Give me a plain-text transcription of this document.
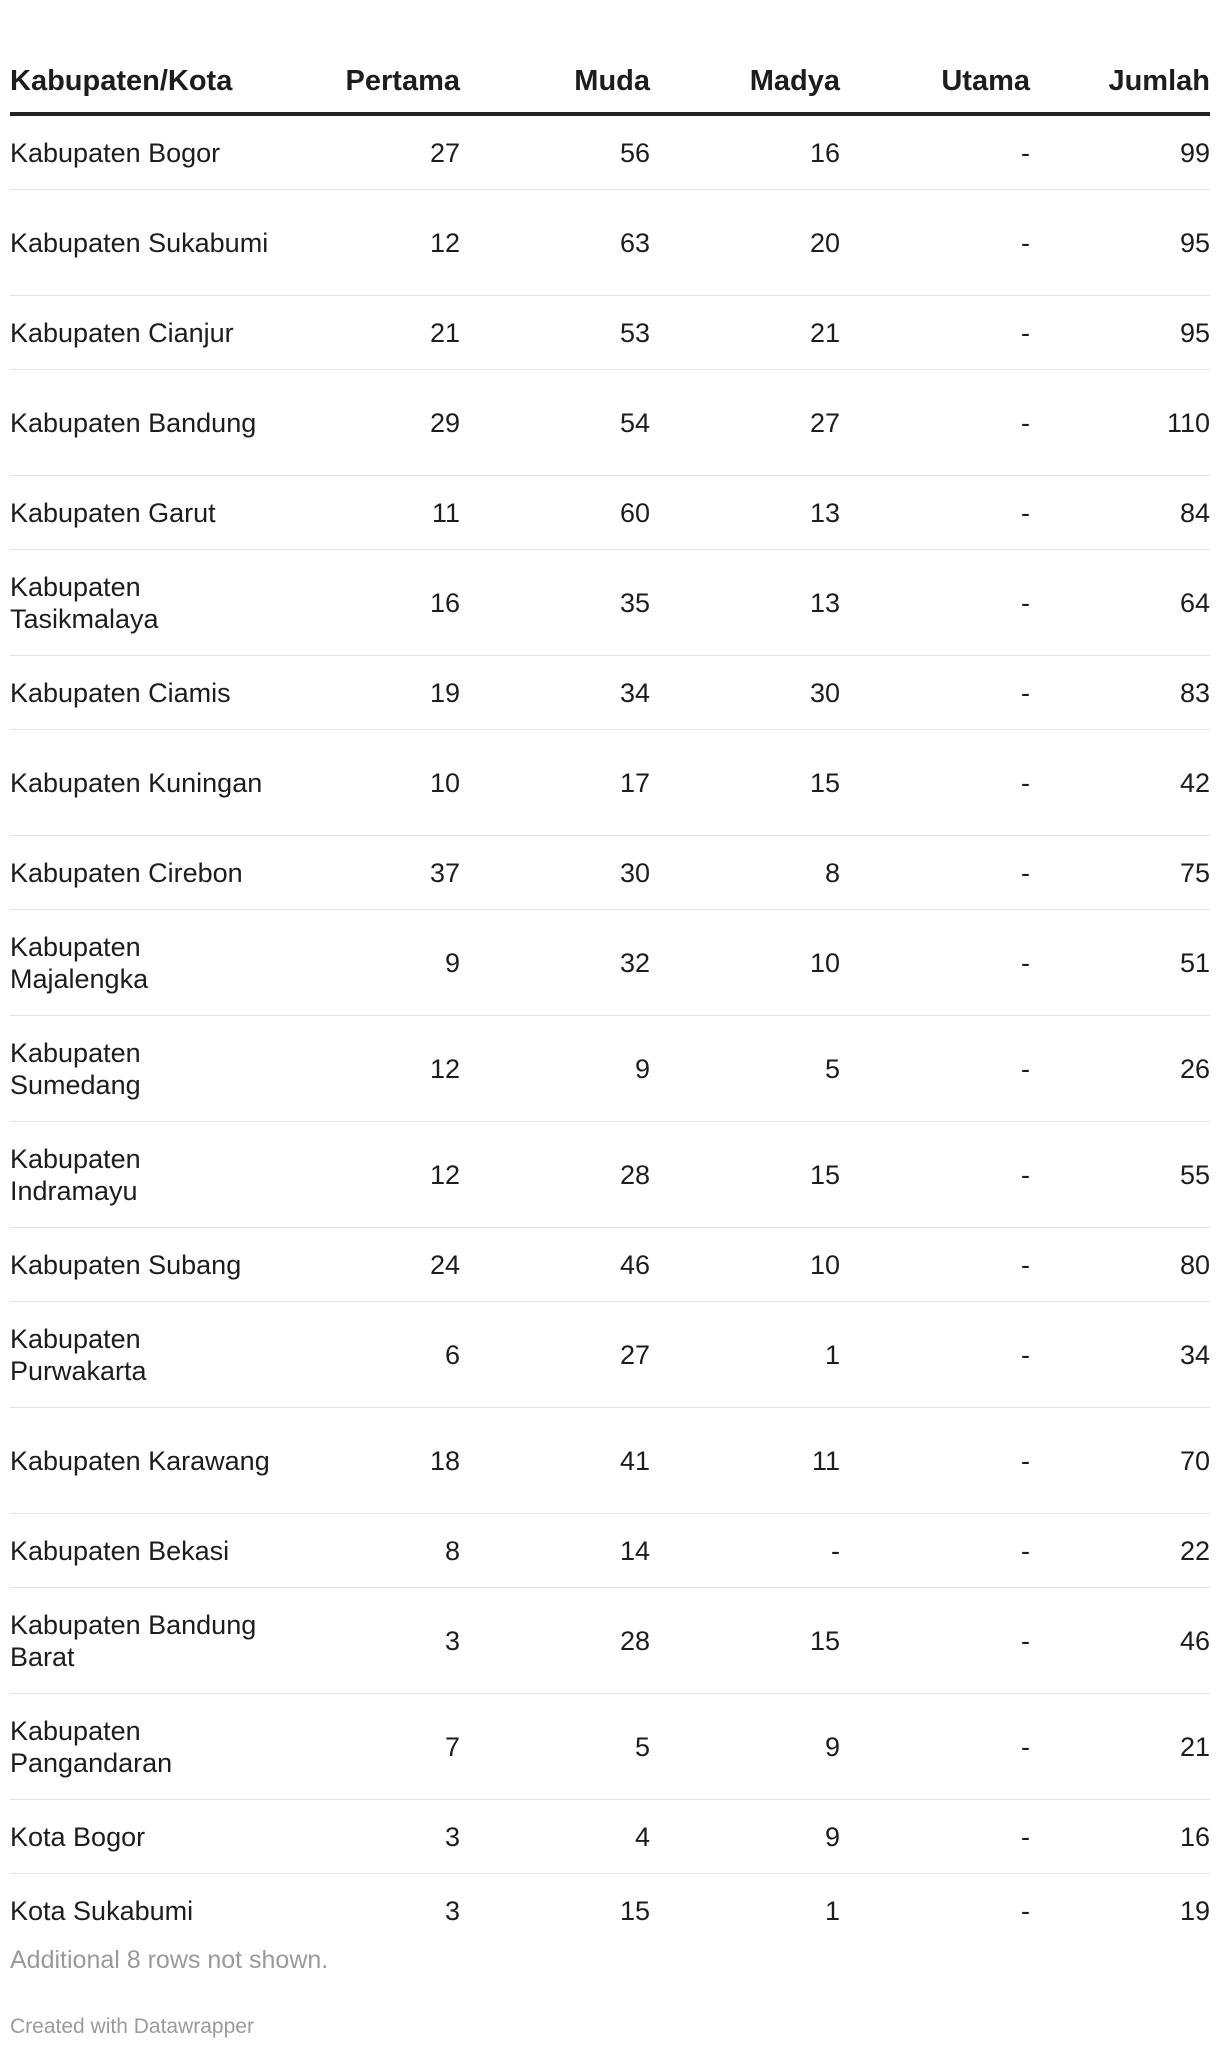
Kabupaten/Kota	Pertama	Muda	Madya	Utama	Jumlah
Kabupaten Bogor	27	56	16	-	99
Kabupaten Sukabumi	12	63	20	-	95
Kabupaten Cianjur	21	53	21	-	95
Kabupaten Bandung	29	54	27	-	110
Kabupaten Garut	11	60	13	-	84
Kabupaten Tasikmalaya	16	35	13	-	64
Kabupaten Ciamis	19	34	30	-	83
Kabupaten Kuningan	10	17	15	-	42
Kabupaten Cirebon	37	30	8	-	75
Kabupaten Majalengka	9	32	10	-	51
Kabupaten Sumedang	12	9	5	-	26
Kabupaten Indramayu	12	28	15	-	55
Kabupaten Subang	24	46	10	-	80
Kabupaten Purwakarta	6	27	1	-	34
Kabupaten Karawang	18	41	11	-	70
Kabupaten Bekasi	8	14	-	-	22
Kabupaten Bandung Barat	3	28	15	-	46
Kabupaten Pangandaran	7	5	9	-	21
Kota Bogor	3	4	9	-	16
Kota Sukabumi	3	15	1	-	19
Additional 8 rows not shown.
Created with Datawrapper
